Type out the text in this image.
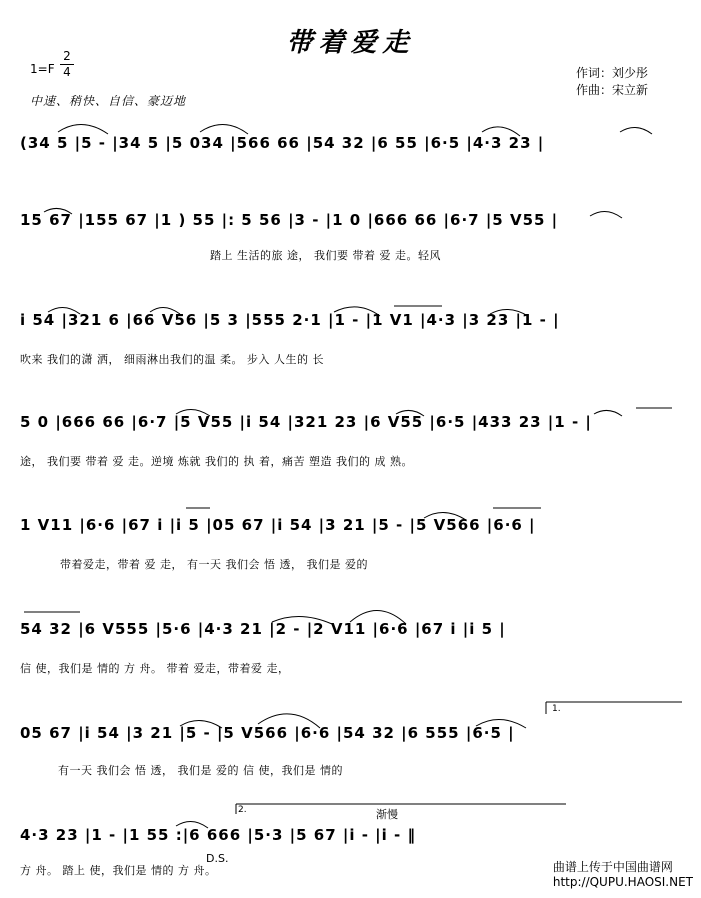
带着爱走
1=F
2
4
中速、稍快、自信、豪迈地
作词：刘少彤
作曲：宋立新
(34 5 |5 - |34 5 |5 034 |566 66 |54 32 |6 55 |6·5 |4·3 23 |
15 67 |155 67 |1 ) 55 |: 5 56 |3 - |1 0 |666 66 |6·7 |5 V55 |
踏上 生活的旅 途， 我们要 带着 爱 走。轻风
i 54 |321 6 |66 V56 |5 3 |555 2·1 |1 - |1 V1 |4·3 |3 23 |1 - |
吹来 我们的潇 洒， 细雨淋出我们的温 柔。 步入 人生的 长
5 0 |666 66 |6·7 |5 V55 |i 54 |321 23 |6 V55 |6·5 |433 23 |1 - |
途， 我们要 带着 爱 走。逆境 炼就 我们的 执 着，痛苦 塑造 我们的 成 熟。
1 V11 |6·6 |67 i |i 5 |05 67 |i 54 |3 21 |5 - |5 V566 |6·6 |
带着爱走，带着 爱 走， 有一天 我们会 悟 透， 我们是 爱的
54 32 |6 V555 |5·6 |4·3 21 |2 - |2 V11 |6·6 |67 i |i 5 |
信 使，我们是 情的 方 舟。 带着 爱走，带着爱 走，
05 67 |i 54 |3 21 |5 - |5 V566 |6·6 |54 32 |6 555 |6·5 |
有一天 我们会 悟 透， 我们是 爱的 信 使，我们是 情的
4·3 23 |1 - |1 55 :|6 666 |5·3 |5 67 |i - |i - ‖
方 舟。 踏上 使，我们是 情的 方 舟。
D.S.
渐慢
1.
2.
曲谱上传于中国曲谱网
http://QUPU.HAOSI.NET
